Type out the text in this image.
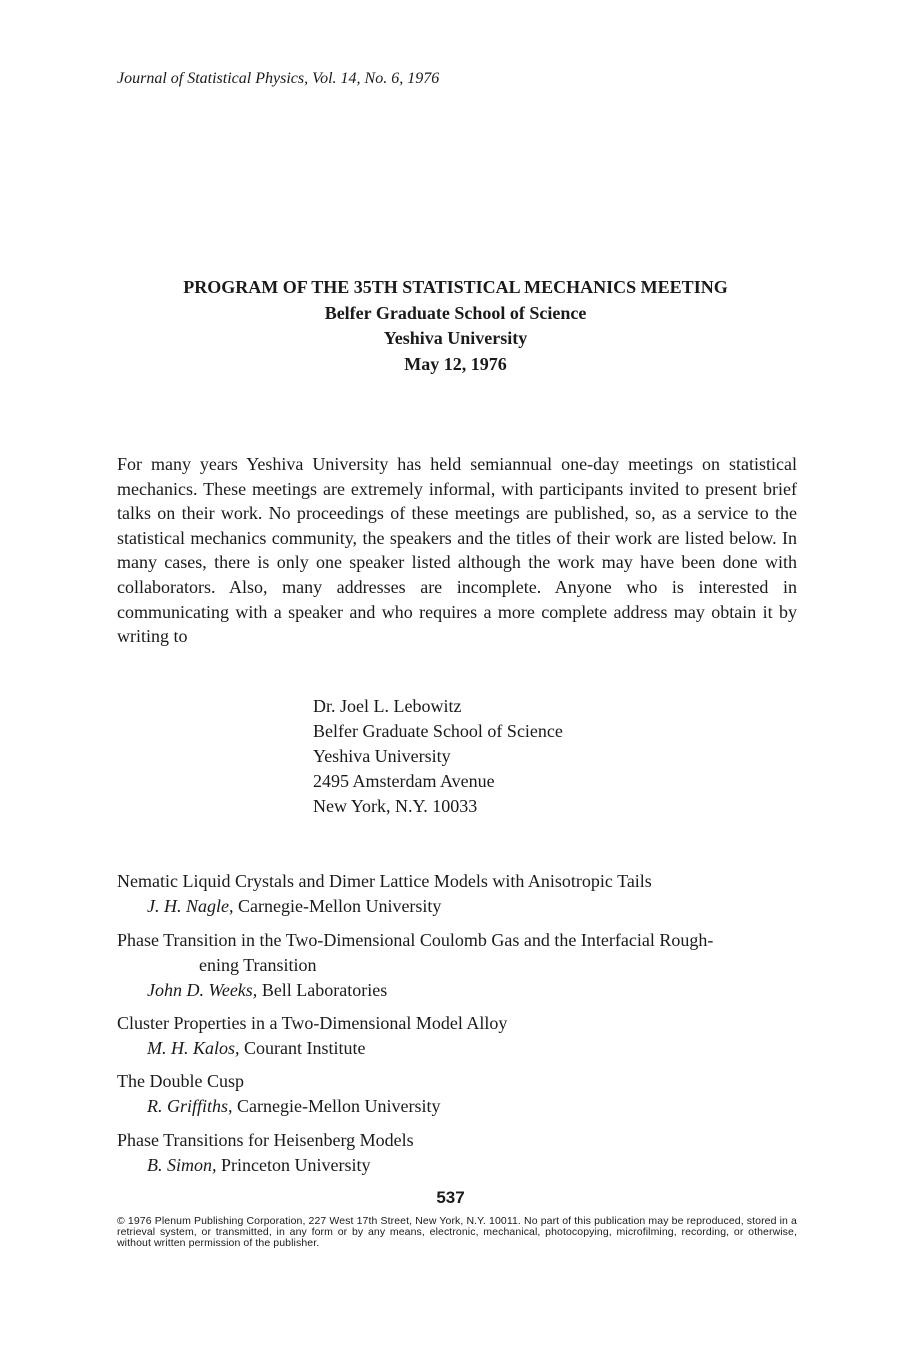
Journal of Statistical Physics, Vol. 14, No. 6, 1976
PROGRAM OF THE 35TH STATISTICAL MECHANICS MEETING
Belfer Graduate School of Science
Yeshiva University
May 12, 1976
For many years Yeshiva University has held semiannual one-day meetings on statistical mechanics. These meetings are extremely informal, with participants invited to present brief talks on their work. No proceedings of these meetings are published, so, as a service to the statistical mechanics community, the speakers and the titles of their work are listed below. In many cases, there is only one speaker listed although the work may have been done with collaborators. Also, many addresses are incomplete. Anyone who is interested in communicating with a speaker and who requires a more complete address may obtain it by writing to
Dr. Joel L. Lebowitz
Belfer Graduate School of Science
Yeshiva University
2495 Amsterdam Avenue
New York, N.Y. 10033
Nematic Liquid Crystals and Dimer Lattice Models with Anisotropic Tails
J. H. Nagle, Carnegie-Mellon University
Phase Transition in the Two-Dimensional Coulomb Gas and the Interfacial Rough-
ening Transition
John D. Weeks, Bell Laboratories
Cluster Properties in a Two-Dimensional Model Alloy
M. H. Kalos, Courant Institute
The Double Cusp
R. Griffiths, Carnegie-Mellon University
Phase Transitions for Heisenberg Models
B. Simon, Princeton University
537
© 1976 Plenum Publishing Corporation, 227 West 17th Street, New York, N.Y. 10011. No part of this publication may be reproduced, stored in a retrieval system, or transmitted, in any form or by any means, electronic, mechanical, photocopying, microfilming, recording, or otherwise, without written permission of the publisher.
